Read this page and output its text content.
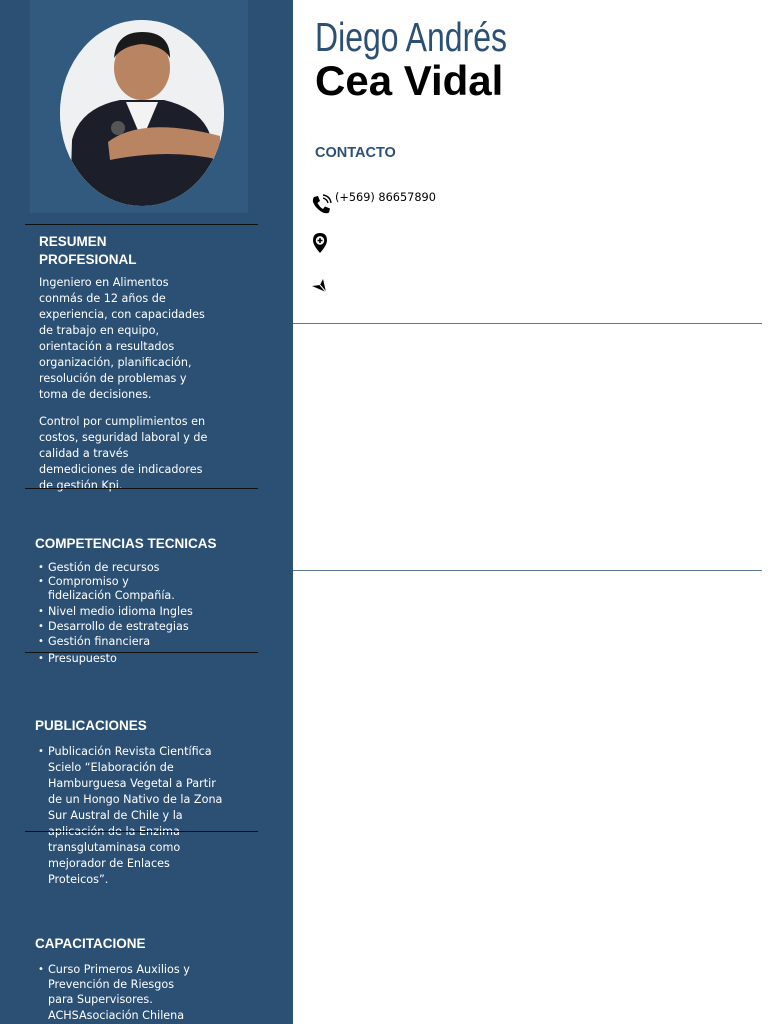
RESUMEN
PROFESIONAL
Ingeniero en Alimentos
conmás de 12 años de
experiencia, con capacidades
de trabajo en equipo,
orientación a resultados
organización, planificación,
resolución de problemas y
toma de decisiones.
Control por cumplimientos en
costos, seguridad laboral y de
calidad a través
demediciones de indicadores
de gestión Kpi.
COMPETENCIAS TECNICAS
• Gestión de recursos
• Compromiso y
fidelización Compañía.
• Nivel medio idioma Ingles
• Desarrollo de estrategias
• Gestión financiera
• Presupuesto
PUBLICACIONES
• Publicación Revista Científica
Scielo “Elaboración de
Hamburguesa Vegetal a Partir
de un Hongo Nativo de la Zona
Sur Austral de Chile y la
aplicación de la Enzima
transglutaminasa como
mejorador de Enlaces
Proteicos”.
CAPACITACIONE
• Curso Primeros Auxilios y
Prevención de Riesgos
para Supervisores.
ACHSAsociación Chilena
Diego Andrés
Cea Vidal
CONTACTO
(+569) 86657890
